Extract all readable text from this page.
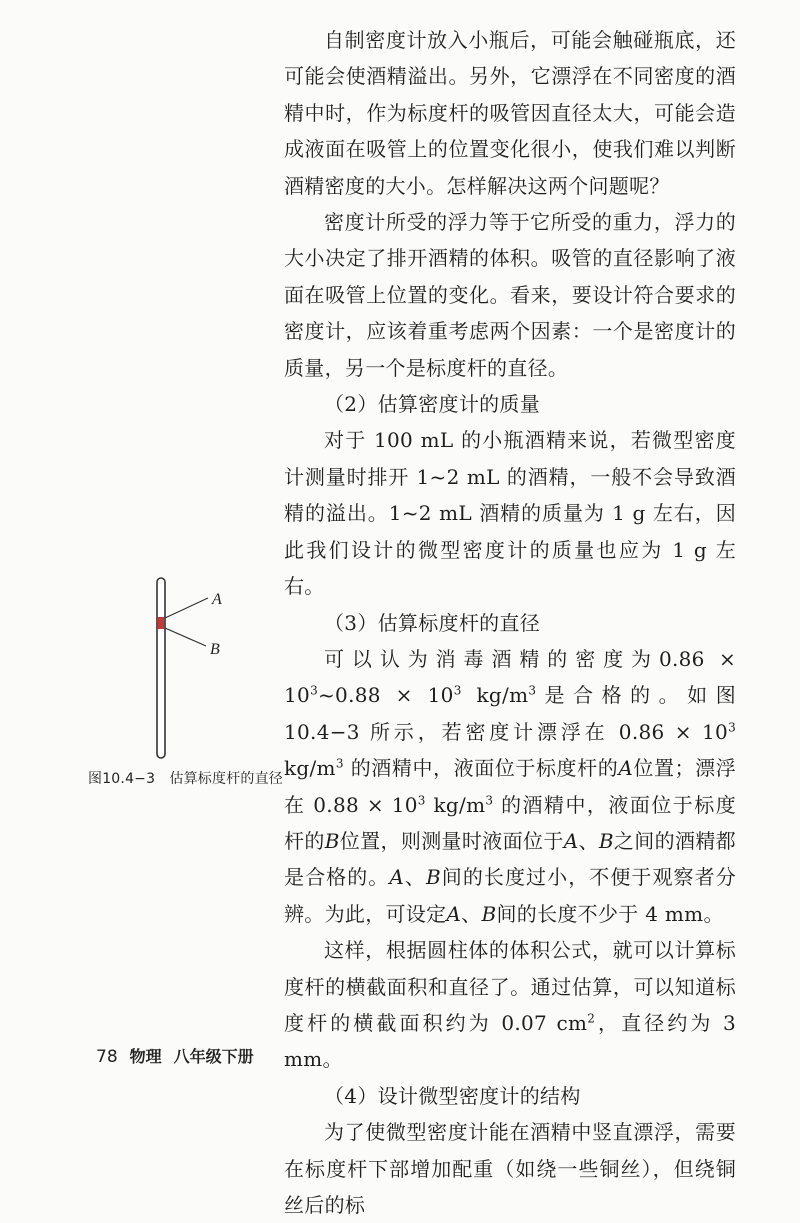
自制密度计放入小瓶后，可能会触碰瓶底，还可能会使酒精溢出。另外，它漂浮在不同密度的酒精中时，作为标度杆的吸管因直径太大，可能会造成液面在吸管上的位置变化很小，使我们难以判断酒精密度的大小。怎样解决这两个问题呢？

密度计所受的浮力等于它所受的重力，浮力的大小决定了排开酒精的体积。吸管的直径影响了液面在吸管上位置的变化。看来，要设计符合要求的密度计，应该着重考虑两个因素：一个是密度计的质量，另一个是标度杆的直径。

（2）估算密度计的质量

对于 100 mL 的小瓶酒精来说，若微型密度计测量时排开 1~2 mL 的酒精，一般不会导致酒精的溢出。1~2 mL 酒精的质量为 1 g 左右，因此我们设计的微型密度计的质量也应为 1 g 左右。

（3）估算标度杆的直径

可以认为消毒酒精的密度为$0.86 \times 10^3\sim 0.88 \times 10^3$ $kg/m^3$是合格的。如图 10.4−3 所示，若密度计漂浮在 $0.86 \times 10^3$ $kg/m^3$ 的酒精中，液面位于标度杆的A位置；漂浮在 $0.88 \times 10^3$ $kg/m^3$ 的酒精中，液面位于标度杆的B位置，则测量时液面位于A、B之间的酒精都是合格的。A、B间的长度过小，不便于观察者分辨。为此，可设定A、B间的长度不少于 4 mm。

这样，根据圆柱体的体积公式，就可以计算标度杆的横截面积和直径了。通过估算，可以知道标度杆的横截面积约为 0.07 $cm^2$，直径约为 3 mm。

（4）设计微型密度计的结构

为了使微型密度计能在酒精中竖直漂浮，需要在标度杆下部增加配重（如绕一些铜丝），但绕铜丝后的标

A
B
图10.4−3　估算标度杆的直径
78 物理 八年级下册
